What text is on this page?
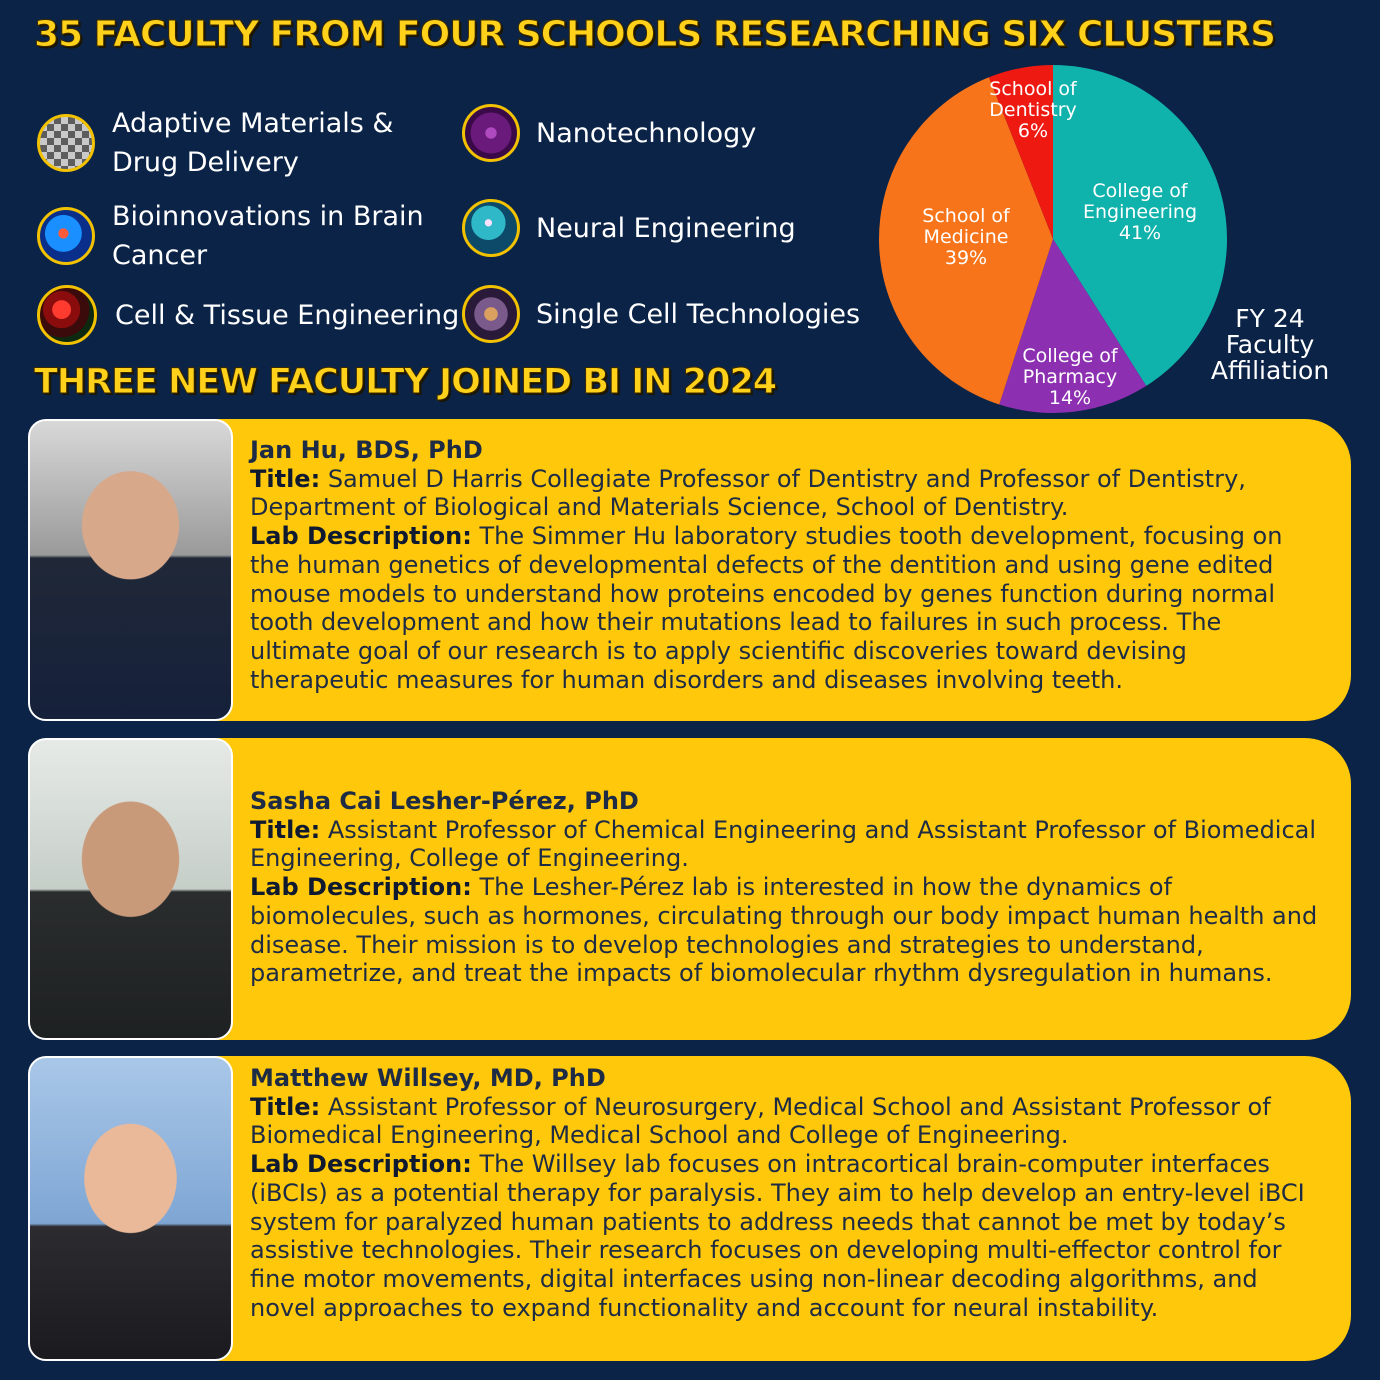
35 FACULTY FROM FOUR SCHOOLS RESEARCHING SIX CLUSTERS
Adaptive Materials & Drug Delivery
Bioinnovations in Brain Cancer
Cell & Tissue Engineering
Nanotechnology
Neural Engineering
Single Cell Technologies
College of Engineering 41%
College of Pharmacy 14%
School of Medicine 39%
School of Dentistry 6%
FY 24 Faculty Affiliation
THREE NEW FACULTY JOINED BI IN 2024
Jan Hu, BDS, PhD
Title: Samuel D Harris Collegiate Professor of Dentistry and Professor of Dentistry, Department of Biological and Materials Science, School of Dentistry.
Lab Description: The Simmer Hu laboratory studies tooth development, focusing on the human genetics of developmental defects of the dentition and using gene edited mouse models to understand how proteins encoded by genes function during normal tooth development and how their mutations lead to failures in such process. The ultimate goal of our research is to apply scientific discoveries toward devising therapeutic measures for human disorders and diseases involving teeth.
Sasha Cai Lesher-Pérez, PhD
Title: Assistant Professor of Chemical Engineering and Assistant Professor of Biomedical Engineering, College of Engineering.
Lab Description: The Lesher-Pérez lab is interested in how the dynamics of biomolecules, such as hormones, circulating through our body impact human health and disease. Their mission is to develop technologies and strategies to understand, parametrize, and treat the impacts of biomolecular rhythm dysregulation in humans.
Matthew Willsey, MD, PhD
Title: Assistant Professor of Neurosurgery, Medical School and Assistant Professor of Biomedical Engineering, Medical School and College of Engineering.
Lab Description: The Willsey lab focuses on intracortical brain-computer interfaces (iBCIs) as a potential therapy for paralysis. They aim to help develop an entry-level iBCI system for paralyzed human patients to address needs that cannot be met by today’s assistive technologies. Their research focuses on developing multi-effector control for fine motor movements, digital interfaces using non-linear decoding algorithms, and novel approaches to expand functionality and account for neural instability.
